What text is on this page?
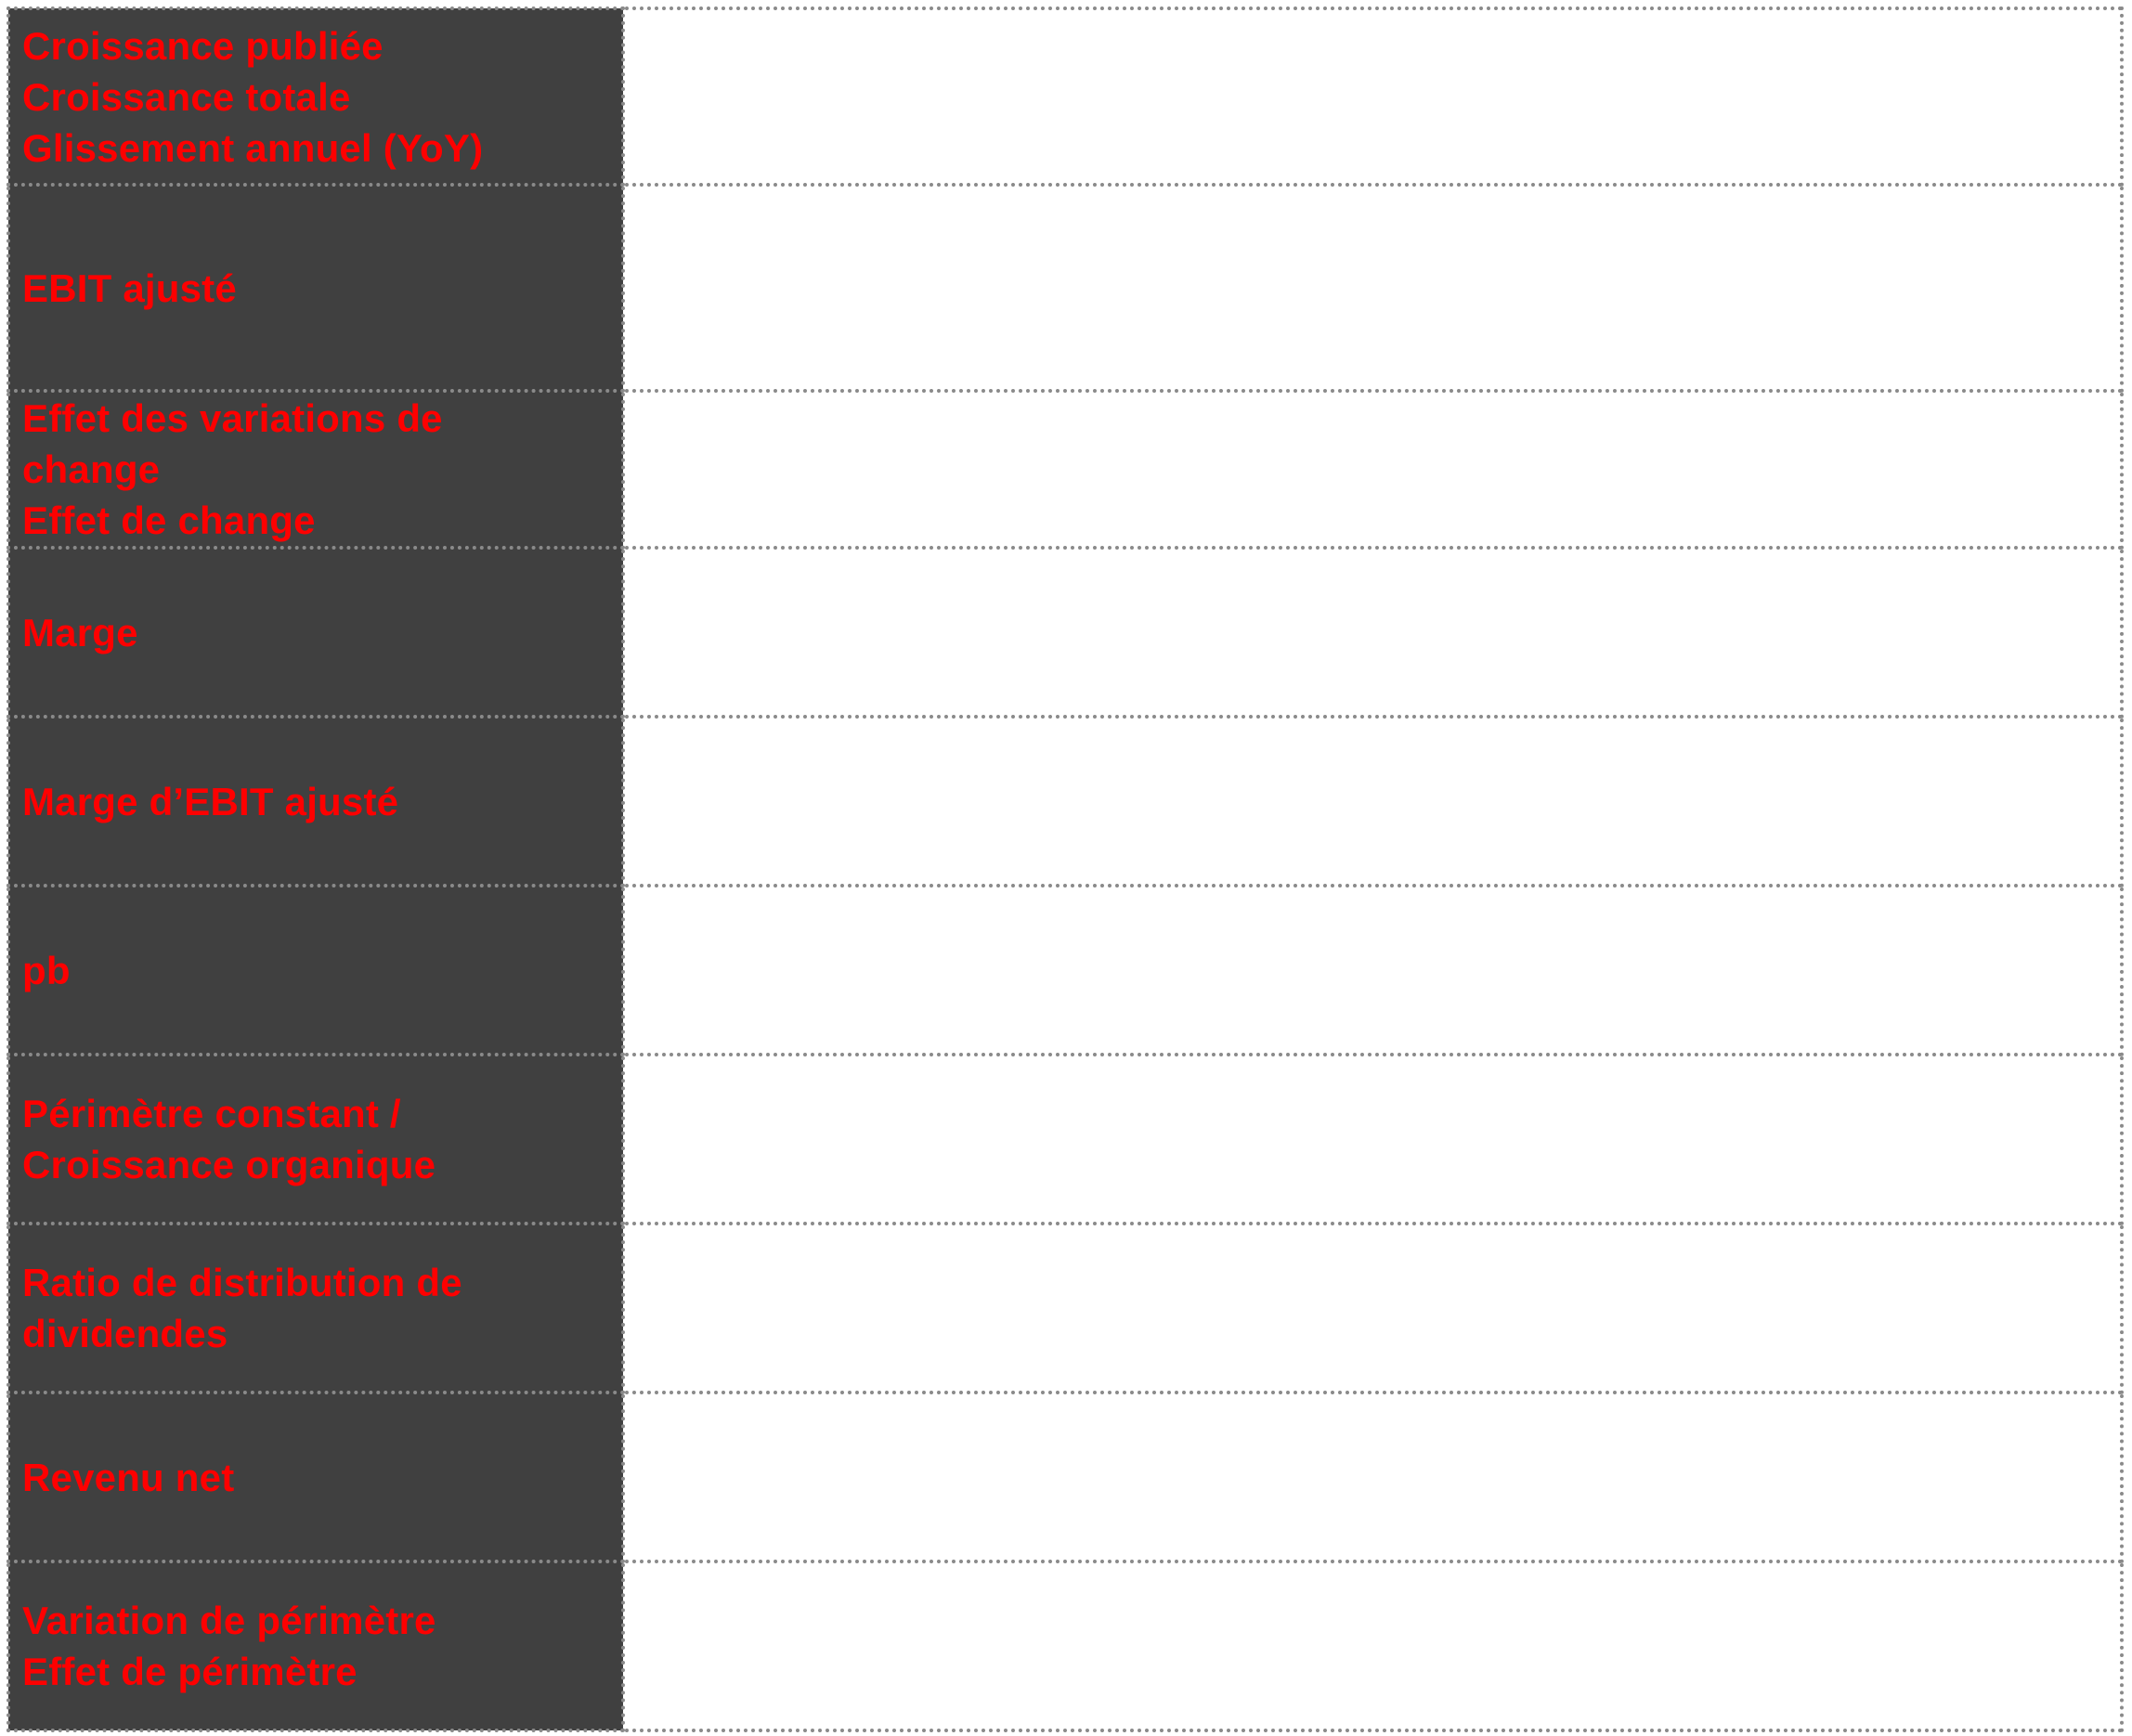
Croissance publiée
Croissance totale
Glissement annuel (YoY)	

EBIT ajusté	

Effet des variations de
change
Effet de change	

Marge	

Marge d’EBIT ajusté	

pb	

Périmètre constant /
Croissance organique	

Ratio de distribution de
dividendes	

Revenu net	

Variation de périmètre
Effet de périmètre	
